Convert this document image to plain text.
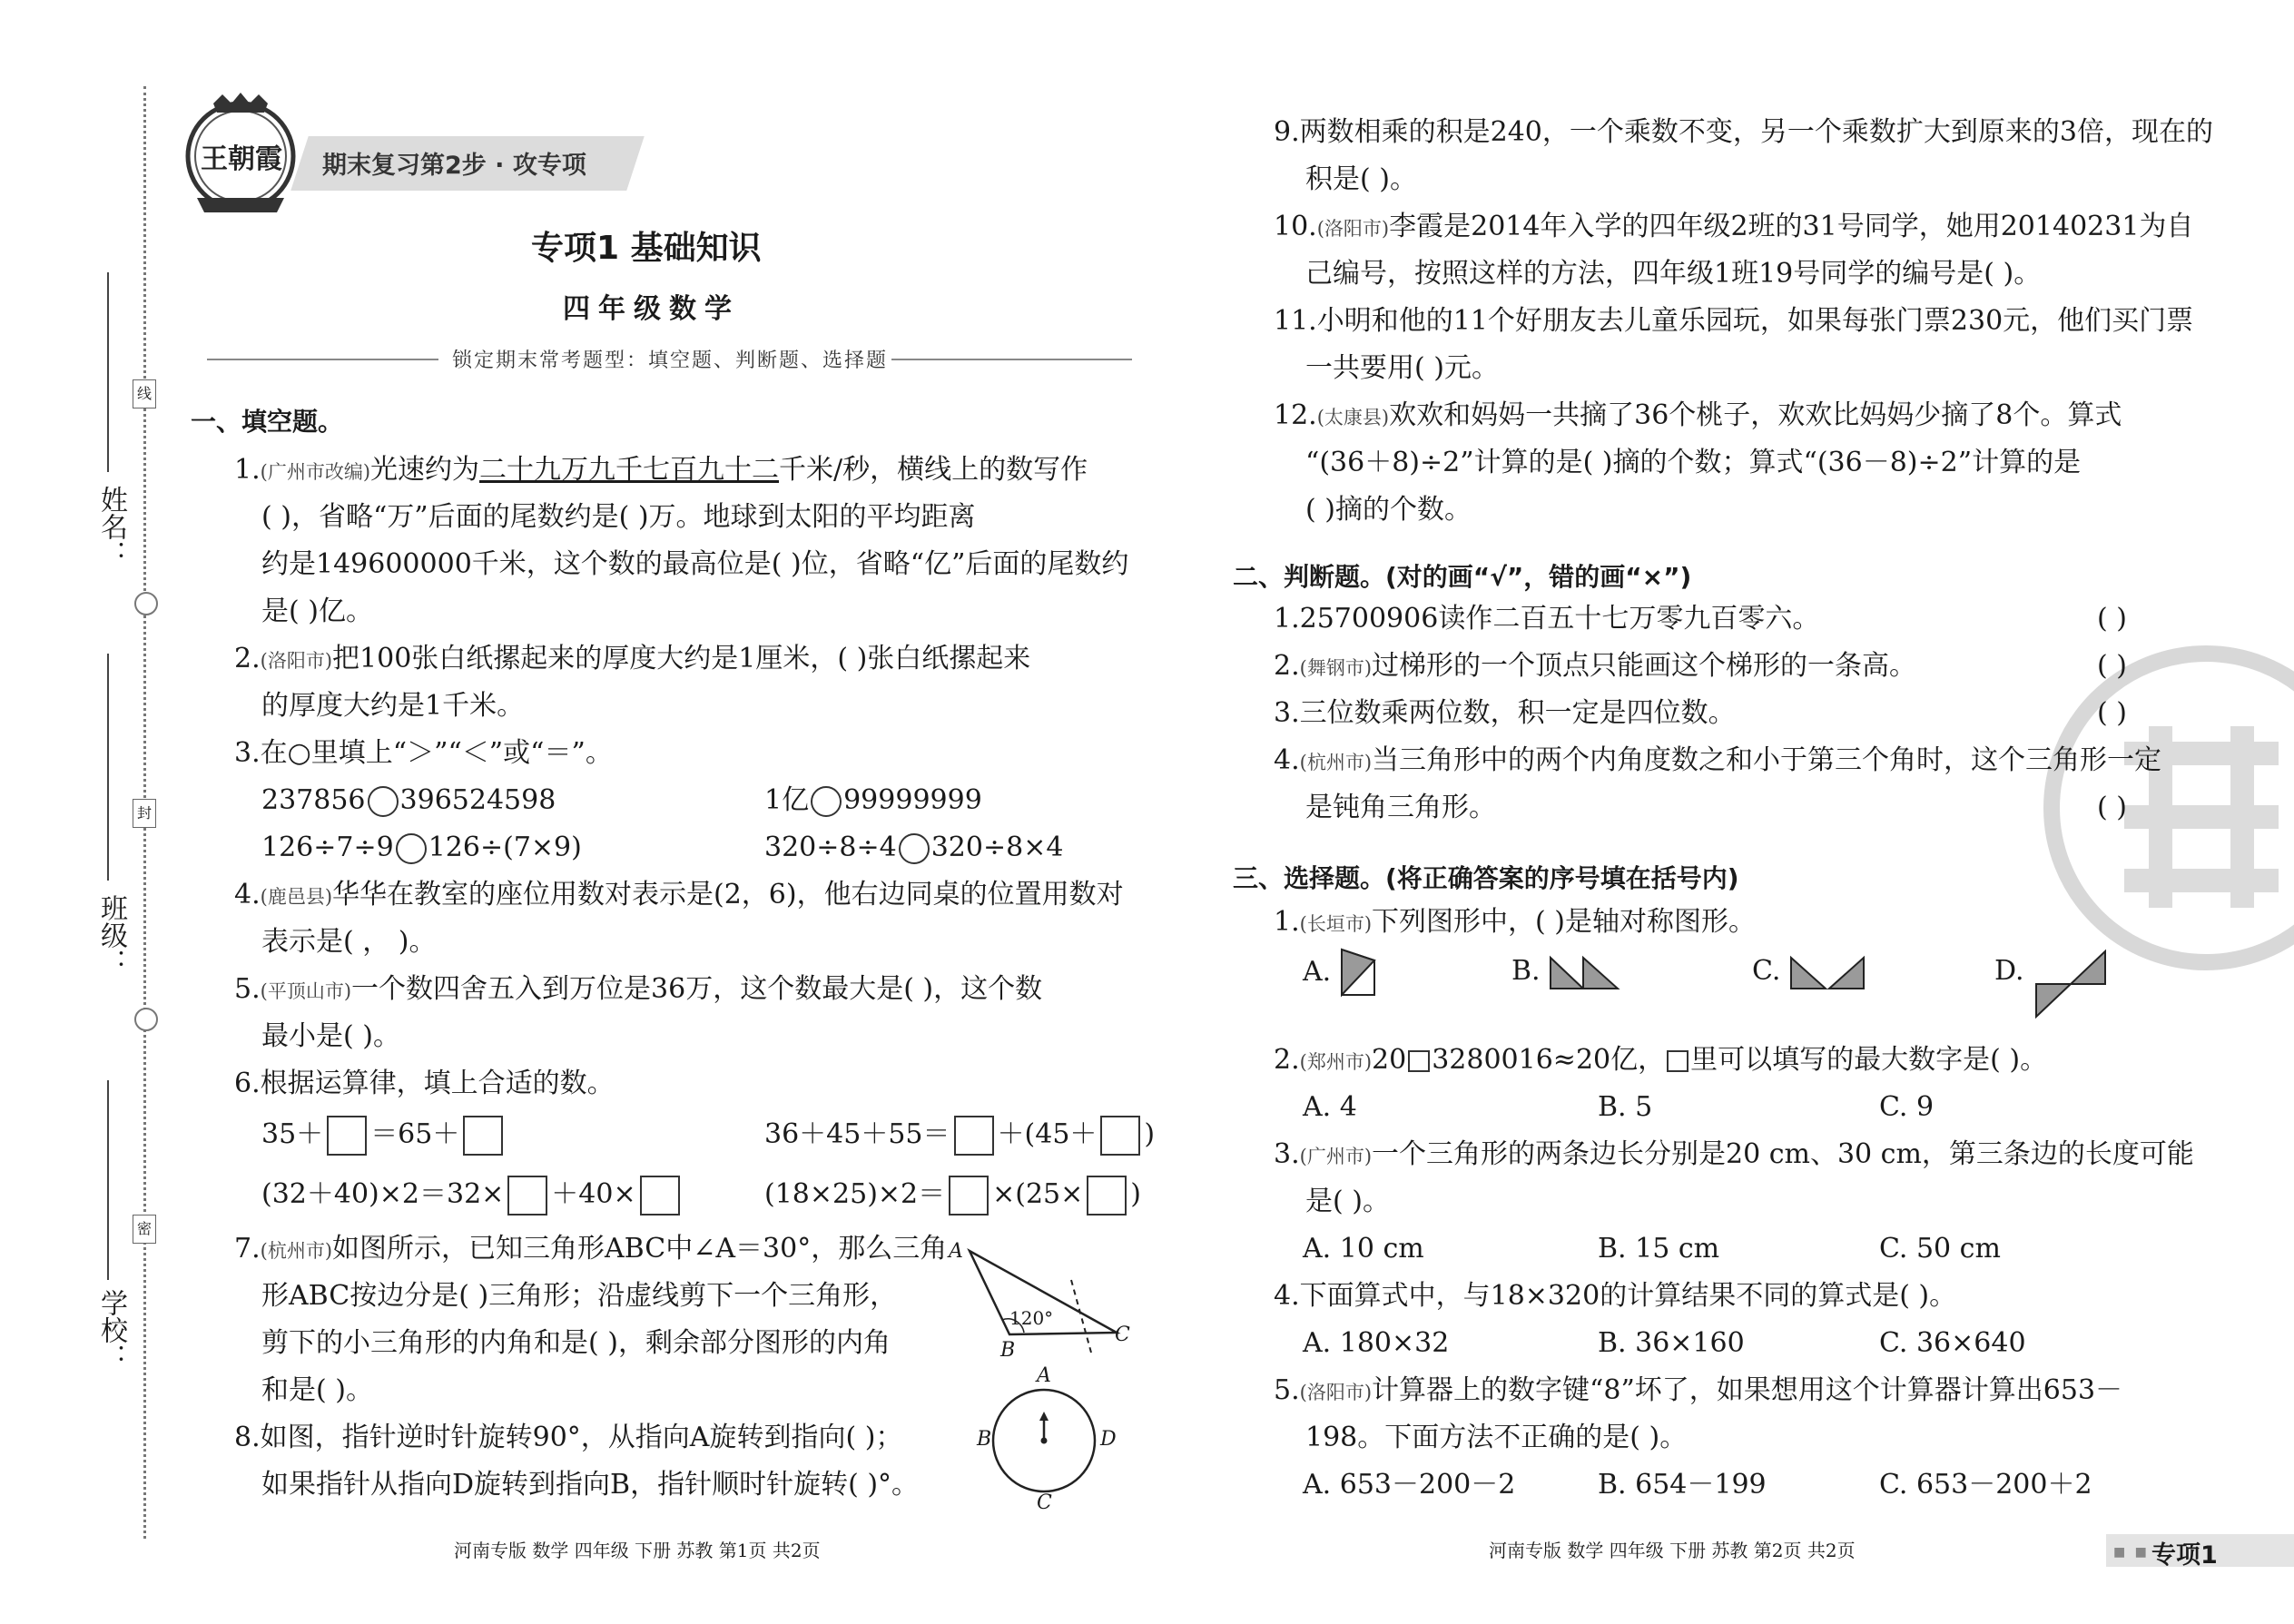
姓名：
班级：
学校：
线
封
密
王朝霞 期末复习第2步 · 攻专项
专项1 基础知识
四年级数学
锁定期末常考题型：填空题、判断题、选择题
一、填空题。
1.(广州市改编)光速约为二十九万九千七百九十二千米/秒，横线上的数写作
( )，省略“万”后面的尾数约是( )万。地球到太阳的平均距离
约是149600000千米，这个数的最高位是( )位，省略“亿”后面的尾数约
是( )亿。
2.(洛阳市)把100张白纸摞起来的厚度大约是1厘米，( )张白纸摞起来
的厚度大约是1千米。
3.在○里填上“＞”“＜”或“＝”。
237856 396524598	1亿 99999999
126÷7÷9 126÷(7×9)	320÷8÷4 320÷8×4
4.(鹿邑县)华华在教室的座位用数对表示是(2，6)，他右边同桌的位置用数对
表示是( ， )。
5.(平顶山市)一个数四舍五入到万位是36万，这个数最大是( )，这个数
最小是( )。
6.根据运算律，填上合适的数。
35＋ ＝65＋	36＋45＋55＝ ＋(45＋ )
(32＋40)×2＝32× ＋40×	(18×25)×2＝ ×(25× )
7.(杭州市)如图所示，已知三角形ABC中∠A＝30°，那么三角
形ABC按边分是( )三角形；沿虚线剪下一个三角形，
剪下的小三角形的内角和是( )，剩余部分图形的内角
和是( )。
A
B
C
120°
8.如图，指针逆时针旋转90°，从指向A旋转到指向( )；
如果指针从指向D旋转到指向B，指针顺时针旋转( )°。
A
B	D
C
河南专版 数学 四年级 下册 苏教 第1页 共2页
9.两数相乘的积是240，一个乘数不变，另一个乘数扩大到原来的3倍，现在的
积是( )。
10.(洛阳市)李霞是2014年入学的四年级2班的31号同学，她用20140231为自
己编号，按照这样的方法，四年级1班19号同学的编号是( )。
11.小明和他的11个好朋友去儿童乐园玩，如果每张门票230元，他们买门票
一共要用( )元。
12.(太康县)欢欢和妈妈一共摘了36个桃子，欢欢比妈妈少摘了8个。算式
“(36＋8)÷2”计算的是( )摘的个数；算式“(36－8)÷2”计算的是
( )摘的个数。
二、判断题。(对的画“√”，错的画“×”)
1.25700906读作二百五十七万零九百零六。	( )
2.(舞钢市)过梯形的一个顶点只能画这个梯形的一条高。	( )
3.三位数乘两位数，积一定是四位数。	( )
4.(杭州市)当三角形中的两个内角度数之和小于第三个角时，这个三角形一定
是钝角三角形。	( )
三、选择题。(将正确答案的序号填在括号内)
1.(长垣市)下列图形中，( )是轴对称图形。
A.	B.	C.	D.
2.(郑州市)20 3280016≈20亿， 里可以填写的最大数字是( )。
A. 4	B. 5	C. 9
3.(广州市)一个三角形的两条边长分别是20 cm、30 cm，第三条边的长度可能
是( )。
A. 10 cm	B. 15 cm	C. 50 cm
4.下面算式中，与18×320的计算结果不同的算式是( )。
A. 180×32	B. 36×160	C. 36×640
5.(洛阳市)计算器上的数字键“8”坏了，如果想用这个计算器计算出653－
198。下面方法不正确的是( )。
A. 653－200－2	B. 654－199	C. 653－200＋2
河南专版 数学 四年级 下册 苏教 第2页 共2页	■ ■ 专项1
